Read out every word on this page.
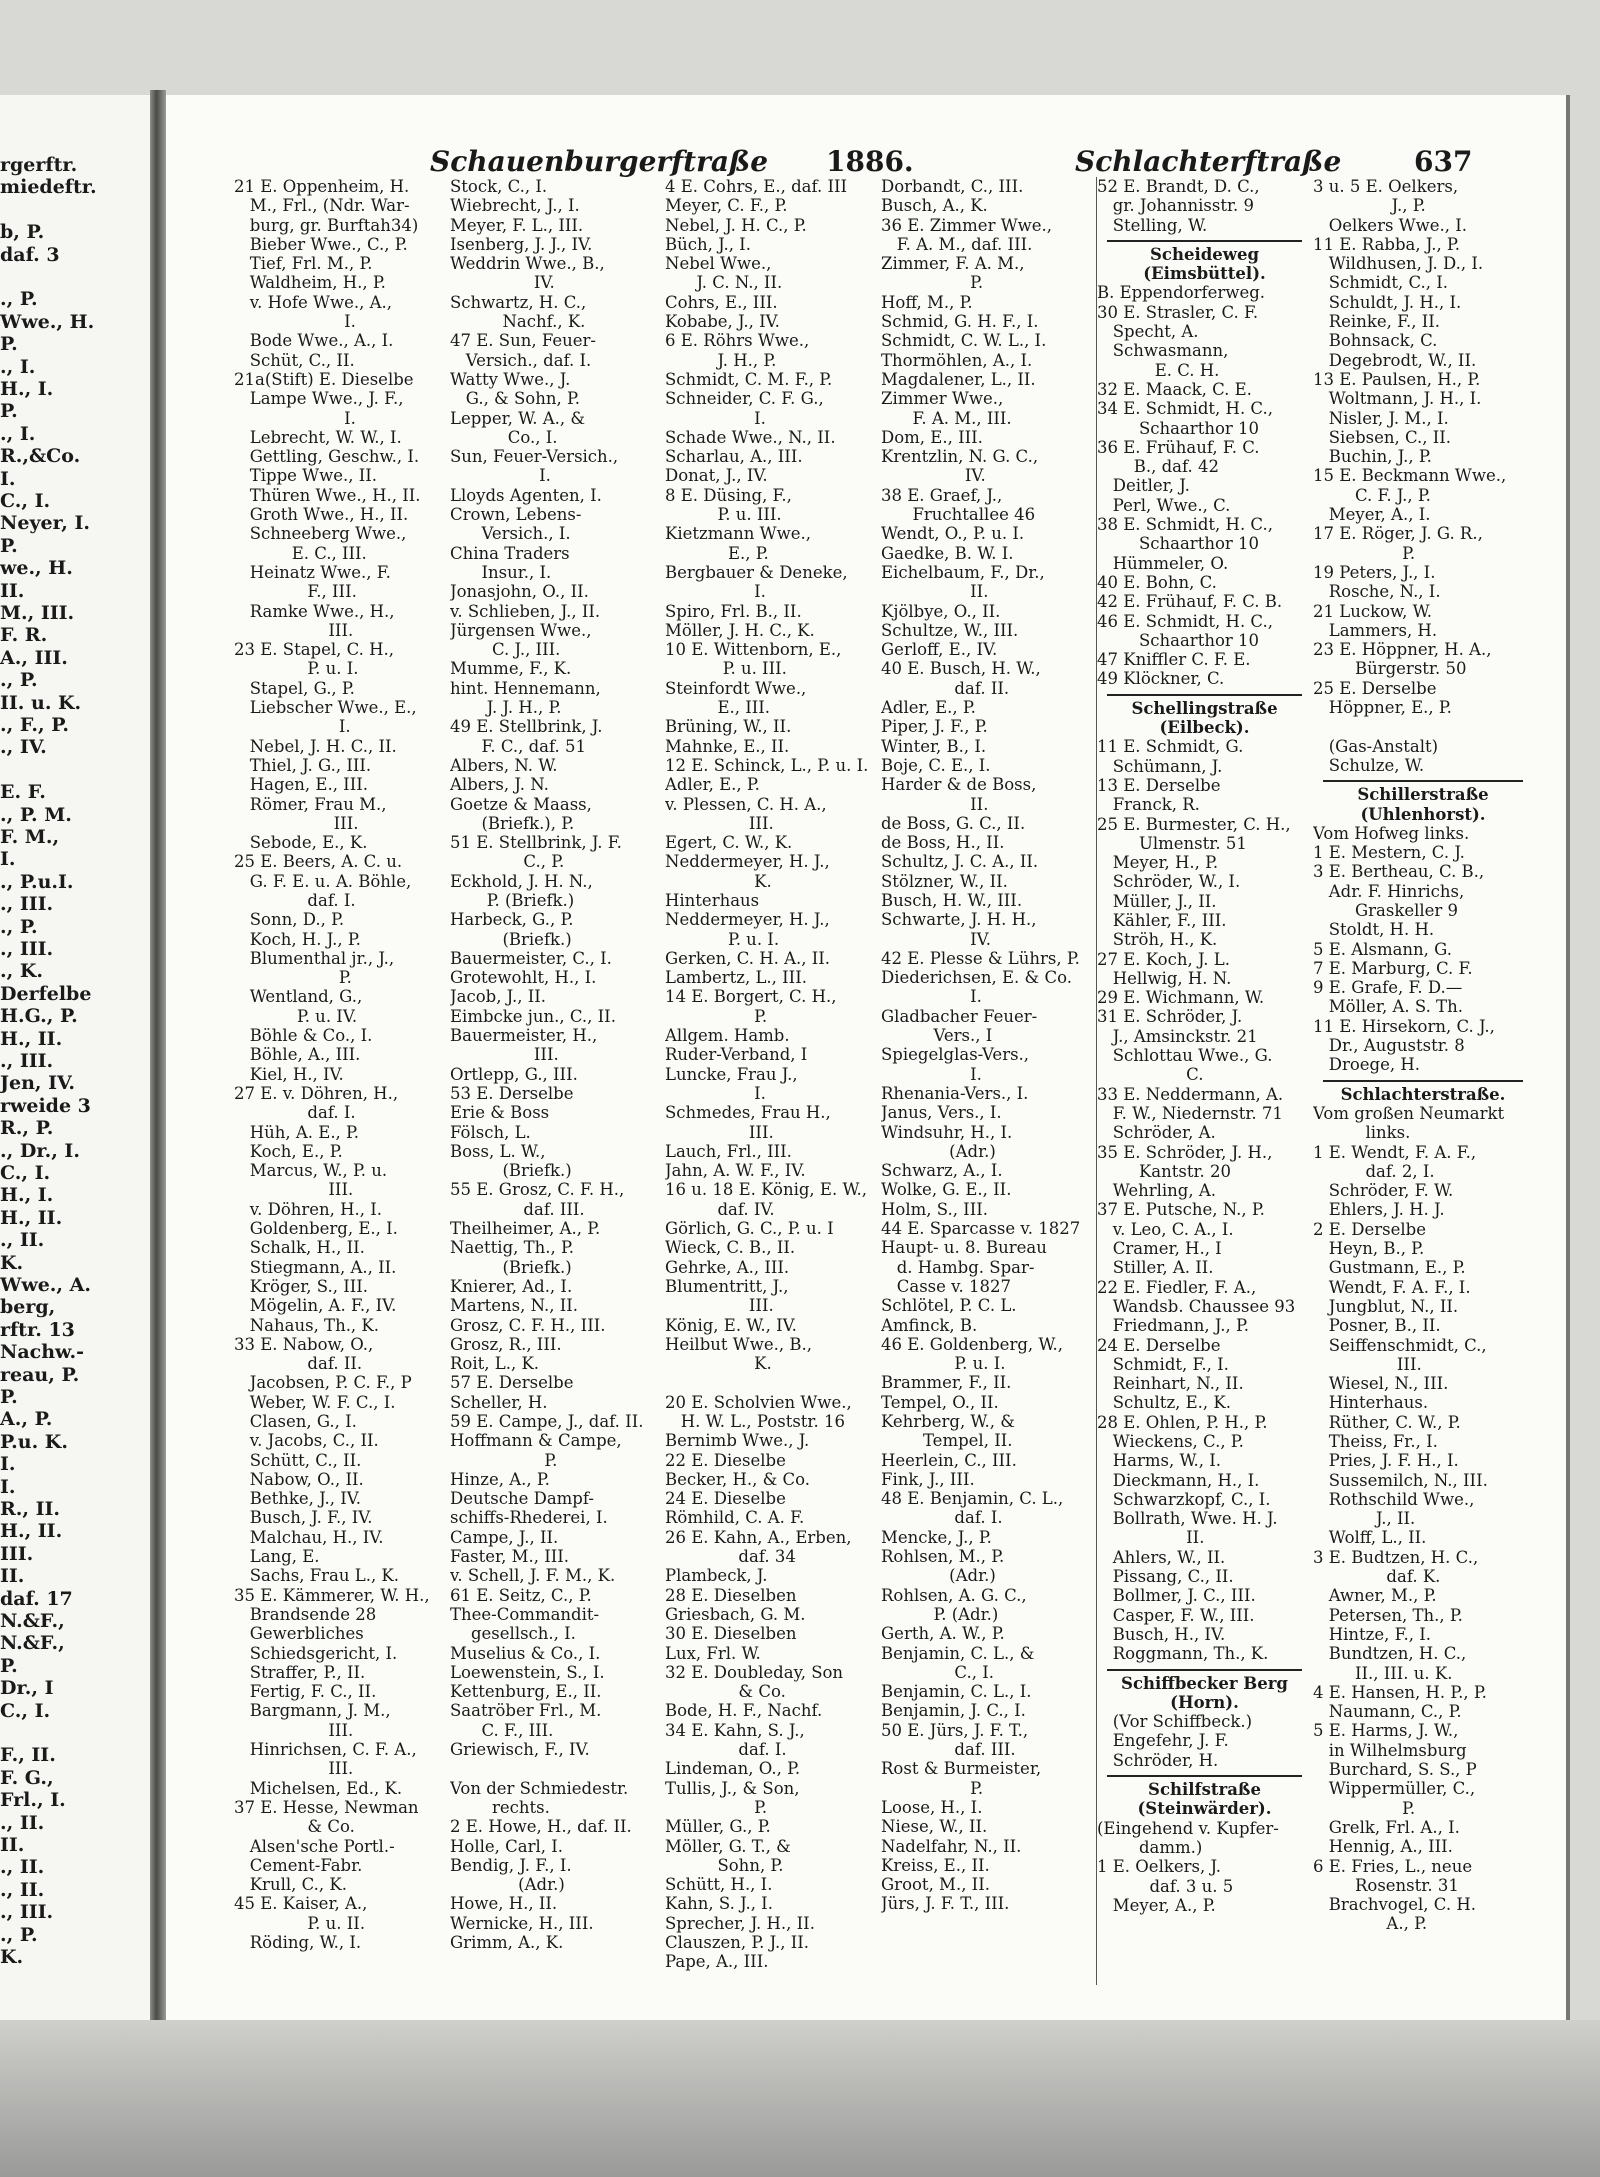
rgerftr.
miedeftr.
b, P.
daf. 3
., P.
Wwe., H.
P.
., I.
H., I.
P.
., I.
R.,&Co.
I.
C., I.
Neyer, I.
P.
we., H.
II.
M., III.
F. R.
A., III.
., P.
II. u. K.
., F., P.
., IV.
E. F.
., P. M.
F. M.,
I.
., P.u.I.
., III.
., P.
., III.
., K.
Derfelbe
H.G., P.
H., II.
., III.
Jen, IV.
rweide 3
R., P.
., Dr., I.
C., I.
H., I.
H., II.
., II.
K.
Wwe., A.
berg,
rftr. 13
Nachw.-
reau, P.
P.
A., P.
P.u. K.
I.
I.
R., II.
H., II.
III.
II.
daf. 17
N.&F.,
N.&F.,
P.
Dr., I
C., I.
F., II.
F. G.,
Frl., I.
., II.
II.
., II.
., II.
., III.
., P.
K.
Schauenburgerftraße 1886.	Schlachterftraße	637
21 E. Oppenheim, H.
M., Frl., (Ndr. War-
burg, gr. Burftah34)
Bieber Wwe., C., P.
Tief, Frl. M., P.
Waldheim, H., P.
v. Hofe Wwe., A.,
I.
Bode Wwe., A., I.
Schüt, C., II.
21a(Stift) E. Dieselbe
Lampe Wwe., J. F.,
I.
Lebrecht, W. W., I.
Gettling, Geschw., I.
Tippe Wwe., II.
Thüren Wwe., H., II.
Groth Wwe., H., II.
Schneeberg Wwe.,
E. C., III.
Heinatz Wwe., F.
F., III.
Ramke Wwe., H.,
III.
23 E. Stapel, C. H.,
P. u. I.
Stapel, G., P.
Liebscher Wwe., E.,
I.
Nebel, J. H. C., II.
Thiel, J. G., III.
Hagen, E., III.
Römer, Frau M.,
III.
Sebode, E., K.
25 E. Beers, A. C. u.
G. F. E. u. A. Böhle,
daf. I.
Sonn, D., P.
Koch, H. J., P.
Blumenthal jr., J.,
P.
Wentland, G.,
P. u. IV.
Böhle & Co., I.
Böhle, A., III.
Kiel, H., IV.
27 E. v. Döhren, H.,
daf. I.
Hüh, A. E., P.
Koch, E., P.
Marcus, W., P. u.
III.
v. Döhren, H., I.
Goldenberg, E., I.
Schalk, H., II.
Stiegmann, A., II.
Kröger, S., III.
Mögelin, A. F., IV.
Nahaus, Th., K.
33 E. Nabow, O.,
daf. II.
Jacobsen, P. C. F., P
Weber, W. F. C., I.
Clasen, G., I.
v. Jacobs, C., II.
Schütt, C., II.
Nabow, O., II.
Bethke, J., IV.
Busch, J. F., IV.
Malchau, H., IV.
Lang, E.
Sachs, Frau L., K.
35 E. Kämmerer, W. H.,
Brandsende 28
Gewerbliches
Schiedsgericht, I.
Straffer, P., II.
Fertig, F. C., II.
Bargmann, J. M.,
III.
Hinrichsen, C. F. A.,
III.
Michelsen, Ed., K.
37 E. Hesse, Newman
& Co.
Alsen'sche Portl.-
Cement-Fabr.
Krull, C., K.
45 E. Kaiser, A.,
P. u. II.
Röding, W., I.
Stock, C., I.
Wiebrecht, J., I.
Meyer, F. L., III.
Isenberg, J. J., IV.
Weddrin Wwe., B.,
IV.
Schwartz, H. C.,
Nachf., K.
47 E. Sun, Feuer-
Versich., daf. I.
Watty Wwe., J.
G., & Sohn, P.
Lepper, W. A., &
Co., I.
Sun, Feuer-Versich.,
I.
Lloyds Agenten, I.
Crown, Lebens-
Versich., I.
China Traders
Insur., I.
Jonasjohn, O., II.
v. Schlieben, J., II.
Jürgensen Wwe.,
C. J., III.
Mumme, F., K.
hint. Hennemann,
J. J. H., P.
49 E. Stellbrink, J.
F. C., daf. 51
Albers, N. W.
Albers, J. N.
Goetze & Maass,
(Briefk.), P.
51 E. Stellbrink, J. F.
C., P.
Eckhold, J. H. N.,
P. (Briefk.)
Harbeck, G., P.
(Briefk.)
Bauermeister, C., I.
Grotewohlt, H., I.
Jacob, J., II.
Eimbcke jun., C., II.
Bauermeister, H.,
III.
Ortlepp, G., III.
53 E. Derselbe
Erie & Boss
Fölsch, L.
Boss, L. W.,
(Briefk.)
55 E. Grosz, C. F. H.,
daf. III.
Theilheimer, A., P.
Naettig, Th., P.
(Briefk.)
Knierer, Ad., I.
Martens, N., II.
Grosz, C. F. H., III.
Grosz, R., III.
Roit, L., K.
57 E. Derselbe
Scheller, H.
59 E. Campe, J., daf. II.
Hoffmann & Campe,
P.
Hinze, A., P.
Deutsche Dampf-
schiffs-Rhederei, I.
Campe, J., II.
Faster, M., III.
v. Schell, J. F. M., K.
61 E. Seitz, C., P.
Thee-Commandit-
gesellsch., I.
Muselius & Co., I.
Loewenstein, S., I.
Kettenburg, E., II.
Saatröber Frl., M.
C. F., III.
Griewisch, F., IV.
Von der Schmiedestr.
rechts.
2 E. Howe, H., daf. II.
Holle, Carl, I.
Bendig, J. F., I.
(Adr.)
Howe, H., II.
Wernicke, H., III.
Grimm, A., K.
4 E. Cohrs, E., daf. III
Meyer, C. F., P.
Nebel, J. H. C., P.
Büch, J., I.
Nebel Wwe.,
J. C. N., II.
Cohrs, E., III.
Kobabe, J., IV.
6 E. Röhrs Wwe.,
J. H., P.
Schmidt, C. M. F., P.
Schneider, C. F. G.,
I.
Schade Wwe., N., II.
Scharlau, A., III.
Donat, J., IV.
8 E. Düsing, F.,
P. u. III.
Kietzmann Wwe.,
E., P.
Bergbauer & Deneke,
I.
Spiro, Frl. B., II.
Möller, J. H. C., K.
10 E. Wittenborn, E.,
P. u. III.
Steinfordt Wwe.,
E., III.
Brüning, W., II.
Mahnke, E., II.
12 E. Schinck, L., P. u. I.
Adler, E., P.
v. Plessen, C. H. A.,
III.
Egert, C. W., K.
Neddermeyer, H. J.,
K.
Hinterhaus
Neddermeyer, H. J.,
P. u. I.
Gerken, C. H. A., II.
Lambertz, L., III.
14 E. Borgert, C. H.,
P.
Allgem. Hamb.
Ruder-Verband, I
Luncke, Frau J.,
I.
Schmedes, Frau H.,
III.
Lauch, Frl., III.
Jahn, A. W. F., IV.
16 u. 18 E. König, E. W.,
daf. IV.
Görlich, G. C., P. u. I
Wieck, C. B., II.
Gehrke, A., III.
Blumentritt, J.,
III.
König, E. W., IV.
Heilbut Wwe., B.,
K.
20 E. Scholvien Wwe.,
H. W. L., Poststr. 16
Bernimb Wwe., J.
22 E. Dieselbe
Becker, H., & Co.
24 E. Dieselbe
Römhild, C. A. F.
26 E. Kahn, A., Erben,
daf. 34
Plambeck, J.
28 E. Dieselben
Griesbach, G. M.
30 E. Dieselben
Lux, Frl. W.
32 E. Doubleday, Son
& Co.
Bode, H. F., Nachf.
34 E. Kahn, S. J.,
daf. I.
Lindeman, O., P.
Tullis, J., & Son,
P.
Müller, G., P.
Möller, G. T., &
Sohn, P.
Schütt, H., I.
Kahn, S. J., I.
Sprecher, J. H., II.
Clauszen, P. J., II.
Pape, A., III.
Dorbandt, C., III.
Busch, A., K.
36 E. Zimmer Wwe.,
F. A. M., daf. III.
Zimmer, F. A. M.,
P.
Hoff, M., P.
Schmid, G. H. F., I.
Schmidt, C. W. L., I.
Thormöhlen, A., I.
Magdalener, L., II.
Zimmer Wwe.,
F. A. M., III.
Dom, E., III.
Krentzlin, N. G. C.,
IV.
38 E. Graef, J.,
Fruchtallee 46
Wendt, O., P. u. I.
Gaedke, B. W. I.
Eichelbaum, F., Dr.,
II.
Kjölbye, O., II.
Schultze, W., III.
Gerloff, E., IV.
40 E. Busch, H. W.,
daf. II.
Adler, E., P.
Piper, J. F., P.
Winter, B., I.
Boje, C. E., I.
Harder & de Boss,
II.
de Boss, G. C., II.
de Boss, H., II.
Schultz, J. C. A., II.
Stölzner, W., II.
Busch, H. W., III.
Schwarte, J. H. H.,
IV.
42 E. Plesse & Lührs, P.
Diederichsen, E. & Co.
I.
Gladbacher Feuer-
Vers., I
Spiegelglas-Vers.,
I.
Rhenania-Vers., I.
Janus, Vers., I.
Windsuhr, H., I.
(Adr.)
Schwarz, A., I.
Wolke, G. E., II.
Holm, S., III.
44 E. Sparcasse v. 1827
Haupt- u. 8. Bureau
d. Hambg. Spar-
Casse v. 1827
Schlötel, P. C. L.
Amfinck, B.
46 E. Goldenberg, W.,
P. u. I.
Brammer, F., II.
Tempel, O., II.
Kehrberg, W., &
Tempel, II.
Heerlein, C., III.
Fink, J., III.
48 E. Benjamin, C. L.,
daf. I.
Mencke, J., P.
Rohlsen, M., P.
(Adr.)
Rohlsen, A. G. C.,
P. (Adr.)
Gerth, A. W., P.
Benjamin, C. L., &
C., I.
Benjamin, C. L., I.
Benjamin, J. C., I.
50 E. Jürs, J. F. T.,
daf. III.
Rost & Burmeister,
P.
Loose, H., I.
Niese, W., II.
Nadelfahr, N., II.
Kreiss, E., II.
Groot, M., II.
Jürs, J. F. T., III.
52 E. Brandt, D. C.,
gr. Johannisstr. 9
Stelling, W.
Scheideweg
(Eimsbüttel).
B. Eppendorferweg.
30 E. Strasler, C. F.
Specht, A.
Schwasmann,
E. C. H.
32 E. Maack, C. E.
34 E. Schmidt, H. C.,
Schaarthor 10
36 E. Frühauf, F. C.
B., daf. 42
Deitler, J.
Perl, Wwe., C.
38 E. Schmidt, H. C.,
Schaarthor 10
Hümmeler, O.
40 E. Bohn, C.
42 E. Frühauf, F. C. B.
46 E. Schmidt, H. C.,
Schaarthor 10
47 Kniffler C. F. E.
49 Klöckner, C.
Schellingstraße
(Eilbeck).
11 E. Schmidt, G.
Schümann, J.
13 E. Derselbe
Franck, R.
25 E. Burmester, C. H.,
Ulmenstr. 51
Meyer, H., P.
Schröder, W., I.
Müller, J., II.
Kähler, F., III.
Ströh, H., K.
27 E. Koch, J. L.
Hellwig, H. N.
29 E. Wichmann, W.
31 E. Schröder, J.
J., Amsinckstr. 21
Schlottau Wwe., G.
C.
33 E. Neddermann, A.
F. W., Niedernstr. 71
Schröder, A.
35 E. Schröder, J. H.,
Kantstr. 20
Wehrling, A.
37 E. Putsche, N., P.
v. Leo, C. A., I.
Cramer, H., I
Stiller, A. II.
22 E. Fiedler, F. A.,
Wandsb. Chaussee 93
Friedmann, J., P.
24 E. Derselbe
Schmidt, F., I.
Reinhart, N., II.
Schultz, E., K.
28 E. Ohlen, P. H., P.
Wieckens, C., P.
Harms, W., I.
Dieckmann, H., I.
Schwarzkopf, C., I.
Bollrath, Wwe. H. J.
II.
Ahlers, W., II.
Pissang, C., II.
Bollmer, J. C., III.
Casper, F. W., III.
Busch, H., IV.
Roggmann, Th., K.
Schiffbecker Berg
(Horn).
(Vor Schiffbeck.)
Engefehr, J. F.
Schröder, H.
Schilfstraße
(Steinwärder).
(Eingehend v. Kupfer-
damm.)
1 E. Oelkers, J.
daf. 3 u. 5
Meyer, A., P.
3 u. 5 E. Oelkers,
J., P.
Oelkers Wwe., I.
11 E. Rabba, J., P.
Wildhusen, J. D., I.
Schmidt, C., I.
Schuldt, J. H., I.
Reinke, F., II.
Bohnsack, C.
Degebrodt, W., II.
13 E. Paulsen, H., P.
Woltmann, J. H., I.
Nisler, J. M., I.
Siebsen, C., II.
Buchin, J., P.
15 E. Beckmann Wwe.,
C. F. J., P.
Meyer, A., I.
17 E. Röger, J. G. R.,
P.
19 Peters, J., I.
Rosche, N., I.
21 Luckow, W.
Lammers, H.
23 E. Höppner, H. A.,
Bürgerstr. 50
25 E. Derselbe
Höppner, E., P.
(Gas-Anstalt)
Schulze, W.
Schillerstraße
(Uhlenhorst).
Vom Hofweg links.
1 E. Mestern, C. J.
3 E. Bertheau, C. B.,
Adr. F. Hinrichs,
Graskeller 9
Stoldt, H. H.
5 E. Alsmann, G.
7 E. Marburg, C. F.
9 E. Grafe, F. D.—
Möller, A. S. Th.
11 E. Hirsekorn, C. J.,
Dr., Auguststr. 8
Droege, H.
Schlachterstraße.
Vom großen Neumarkt
links.
1 E. Wendt, F. A. F.,
daf. 2, I.
Schröder, F. W.
Ehlers, J. H. J.
2 E. Derselbe
Heyn, B., P.
Gustmann, E., P.
Wendt, F. A. F., I.
Jungblut, N., II.
Posner, B., II.
Seiffenschmidt, C.,
III.
Wiesel, N., III.
Hinterhaus.
Rüther, C. W., P.
Theiss, Fr., I.
Pries, J. F. H., I.
Sussemilch, N., III.
Rothschild Wwe.,
J., II.
Wolff, L., II.
3 E. Budtzen, H. C.,
daf. K.
Awner, M., P.
Petersen, Th., P.
Hintze, F., I.
Bundtzen, H. C.,
II., III. u. K.
4 E. Hansen, H. P., P.
Naumann, C., P.
5 E. Harms, J. W.,
in Wilhelmsburg
Burchard, S. S., P
Wippermüller, C.,
P.
Grelk, Frl. A., I.
Hennig, A., III.
6 E. Fries, L., neue
Rosenstr. 31
Brachvogel, C. H.
A., P.
